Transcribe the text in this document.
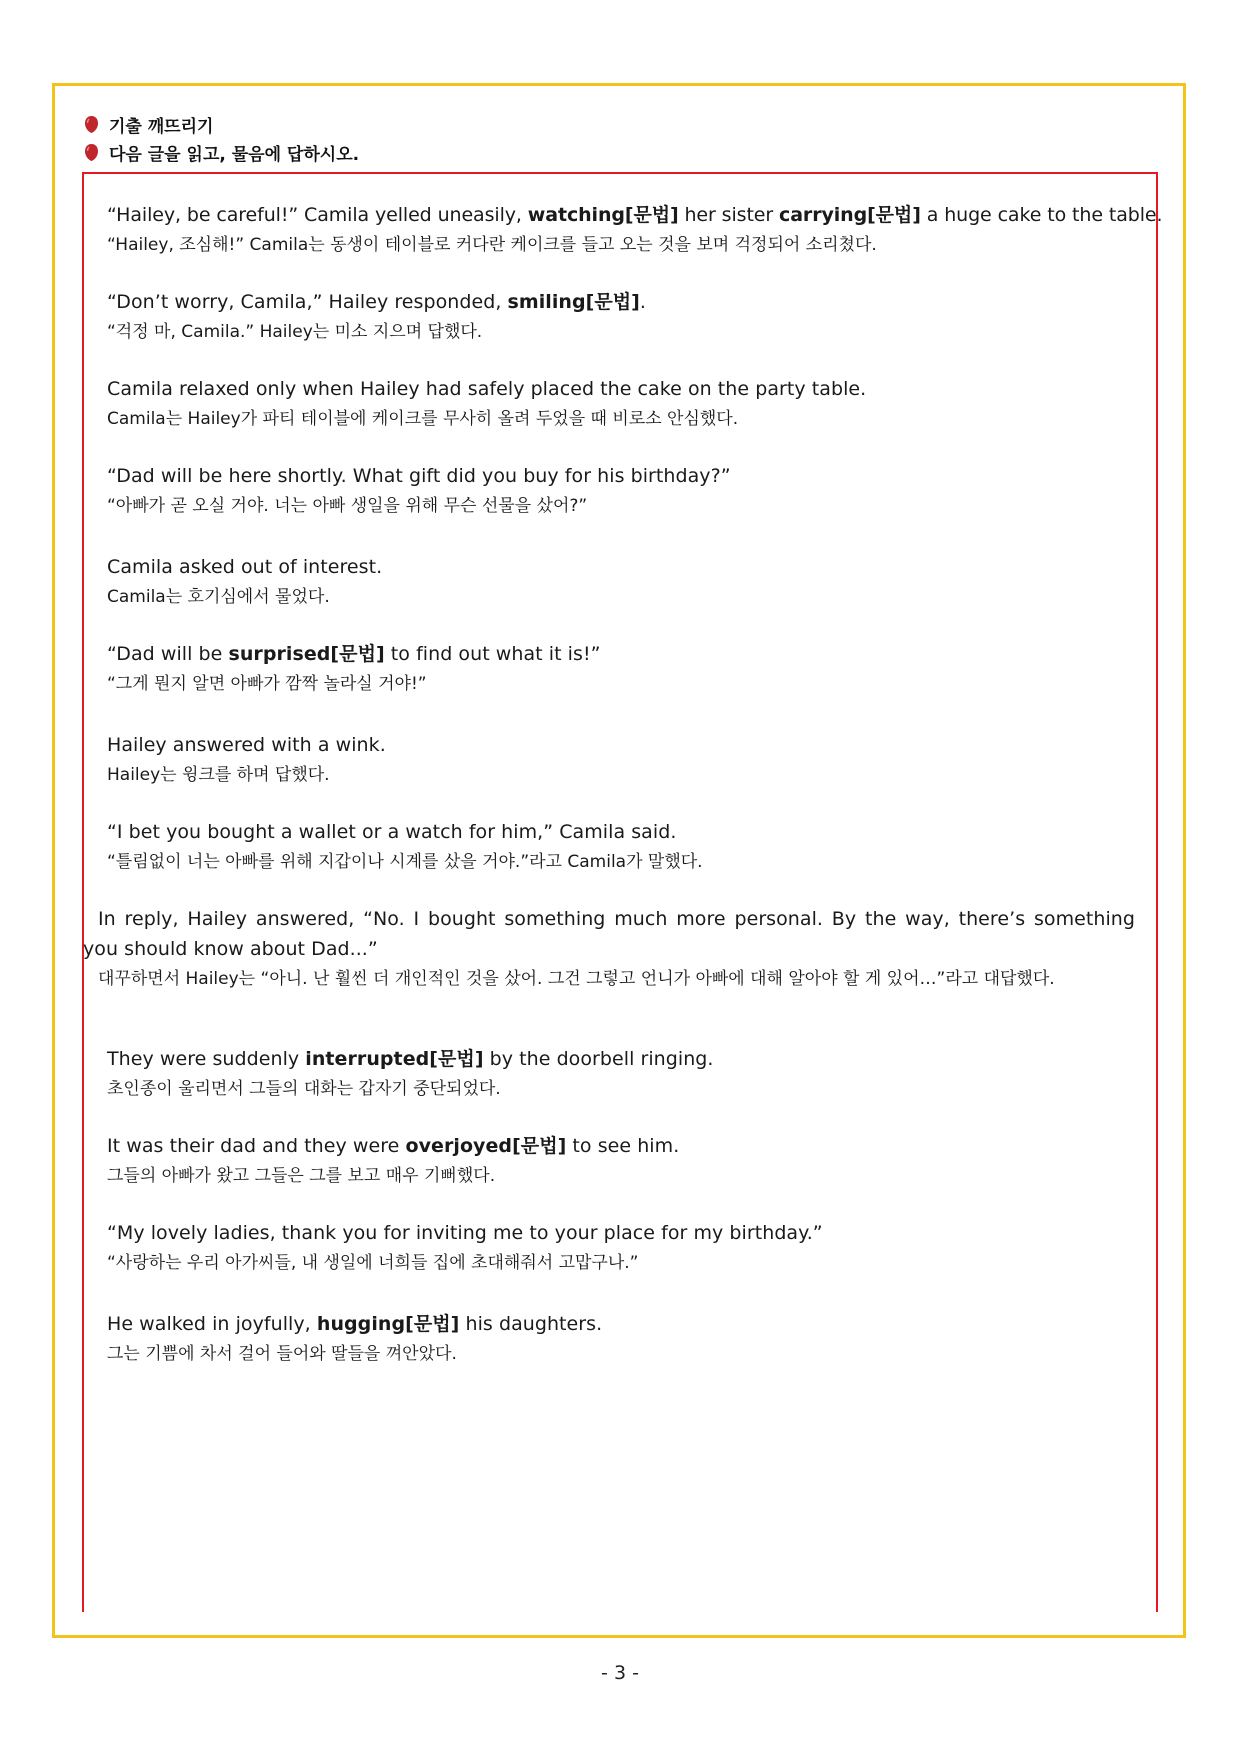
기출 깨뜨리기
다음 글을 읽고, 물음에 답하시오.
“Hailey, be careful!” Camila yelled uneasily, watching[문법] her sister carrying[문법] a huge cake to the table.
“Hailey, 조심해!” Camila는 동생이 테이블로 커다란 케이크를 들고 오는 것을 보며 걱정되어 소리쳤다.
“Don’t worry, Camila,” Hailey responded, smiling[문법].
“걱정 마, Camila.” Hailey는 미소 지으며 답했다.
Camila relaxed only when Hailey had safely placed the cake on the party table.
Camila는 Hailey가 파티 테이블에 케이크를 무사히 올려 두었을 때 비로소 안심했다.
“Dad will be here shortly. What gift did you buy for his birthday?”
“아빠가 곧 오실 거야. 너는 아빠 생일을 위해 무슨 선물을 샀어?”
Camila asked out of interest.
Camila는 호기심에서 물었다.
“Dad will be surprised[문법] to find out what it is!”
“그게 뭔지 알면 아빠가 깜짝 놀라실 거야!”
Hailey answered with a wink.
Hailey는 윙크를 하며 답했다.
“I bet you bought a wallet or a watch for him,” Camila said.
“틀림없이 너는 아빠를 위해 지갑이나 시계를 샀을 거야.”라고 Camila가 말했다.
In reply, Hailey answered, “No. I bought something much more personal. By the way, there’s something you should know about Dad...”
대꾸하면서 Hailey는 “아니. 난 훨씬 더 개인적인 것을 샀어. 그건 그렇고 언니가 아빠에 대해 알아야 할 게 있어…”라고 대답했다.
They were suddenly interrupted[문법] by the doorbell ringing.
초인종이 울리면서 그들의 대화는 갑자기 중단되었다.
It was their dad and they were overjoyed[문법] to see him.
그들의 아빠가 왔고 그들은 그를 보고 매우 기뻐했다.
“My lovely ladies, thank you for inviting me to your place for my birthday.”
“사랑하는 우리 아가씨들, 내 생일에 너희들 집에 초대해줘서 고맙구나.”
He walked in joyfully, hugging[문법] his daughters.
그는 기쁨에 차서 걸어 들어와 딸들을 껴안았다.
- 3 -
